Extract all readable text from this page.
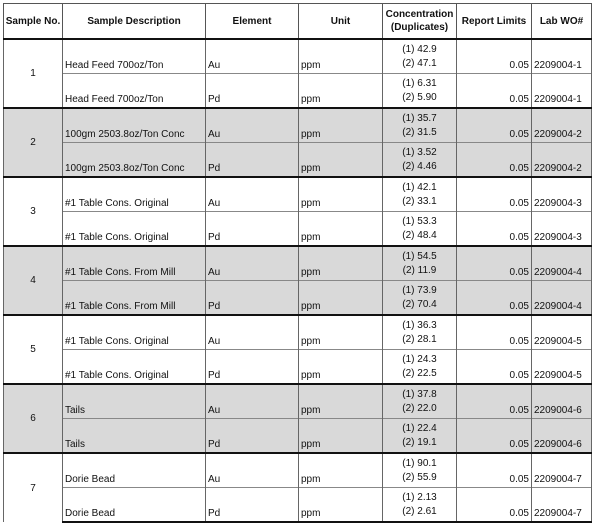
Sample No.	Sample Description	Element	Unit	Concentration
(Duplicates)	Report Limits	Lab WO#
1	Head Feed 700oz/Ton	Au	ppm	(1) 42.9
(2) 47.1	0.05	2209004-1
	Head Feed 700oz/Ton	Pd	ppm	(1) 6.31
(2) 5.90	0.05	2209004-1
2	100gm 2503.8oz/Ton Conc	Au	ppm	(1) 35.7
(2) 31.5	0.05	2209004-2
	100gm 2503.8oz/Ton Conc	Pd	ppm	(1) 3.52
(2) 4.46	0.05	2209004-2
3	#1 Table Cons. Original	Au	ppm	(1) 42.1
(2) 33.1	0.05	2209004-3
	#1 Table Cons. Original	Pd	ppm	(1) 53.3
(2) 48.4	0.05	2209004-3
4	#1 Table Cons. From Mill	Au	ppm	(1) 54.5
(2) 11.9	0.05	2209004-4
	#1 Table Cons. From Mill	Pd	ppm	(1) 73.9
(2) 70.4	0.05	2209004-4
5	#1 Table Cons. Original	Au	ppm	(1) 36.3
(2) 28.1	0.05	2209004-5
	#1 Table Cons. Original	Pd	ppm	(1) 24.3
(2) 22.5	0.05	2209004-5
6	Tails	Au	ppm	(1) 37.8
(2) 22.0	0.05	2209004-6
	Tails	Pd	ppm	(1) 22.4
(2) 19.1	0.05	2209004-6
7	Dorie Bead	Au	ppm	(1) 90.1
(2) 55.9	0.05	2209004-7
	Dorie Bead	Pd	ppm	(1) 2.13
(2) 2.61	0.05	2209004-7
